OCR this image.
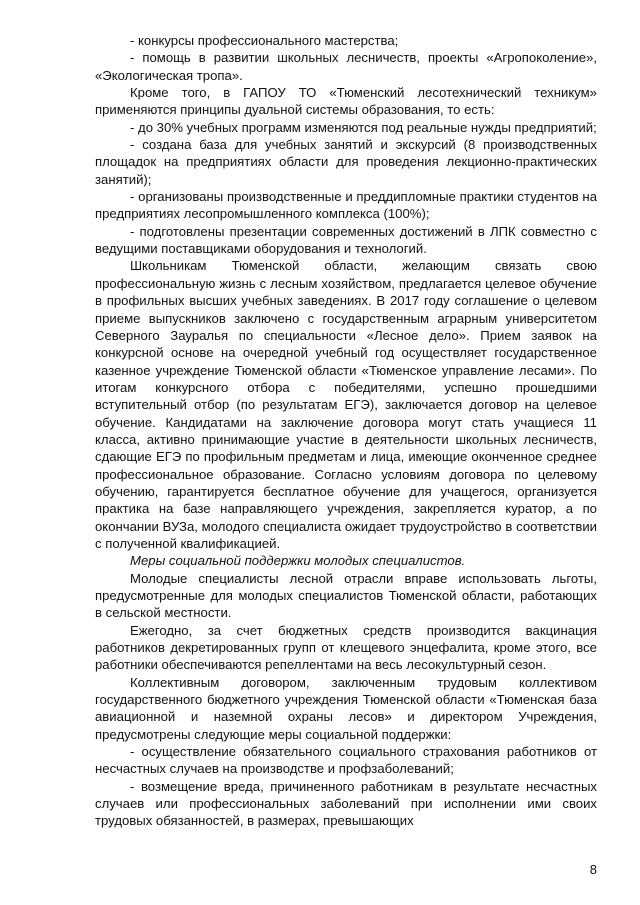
- конкурсы профессионального мастерства;

- помощь в развитии школьных лесничеств, проекты «Агропоколение», «Экологическая тропа».

Кроме того, в ГАПОУ ТО «Тюменский лесотехнический техникум» применяются принципы дуальной системы образования, то есть:

- до 30% учебных программ изменяются под реальные нужды предприятий;

- создана база для учебных занятий и экскурсий (8 производственных площадок на предприятиях области для проведения лекционно-практических занятий);

- организованы производственные и преддипломные практики студентов на предприятиях лесопромышленного комплекса (100%);

- подготовлены презентации современных достижений в ЛПК совместно с ведущими поставщиками оборудования и технологий.

Школьникам Тюменской области, желающим связать свою профессиональную жизнь с лесным хозяйством, предлагается целевое обучение в профильных высших учебных заведениях. В 2017 году соглашение о целевом приеме выпускников заключено с государственным аграрным университетом Северного Зауралья по специальности «Лесное дело». Прием заявок на конкурсной основе на очередной учебный год осуществляет государственное казенное учреждение Тюменской области «Тюменское управление лесами». По итогам конкурсного отбора с победителями, успешно прошедшими вступительный отбор (по результатам ЕГЭ), заключается договор на целевое обучение. Кандидатами на заключение договора могут стать учащиеся 11 класса, активно принимающие участие в деятельности школьных лесничеств, сдающие ЕГЭ по профильным предметам и лица, имеющие оконченное среднее профессиональное образование. Согласно условиям договора по целевому обучению, гарантируется бесплатное обучение для учащегося, организуется практика на базе направляющего учреждения, закрепляется куратор, а по окончании ВУЗа, молодого специалиста ожидает трудоустройство в соответствии с полученной квалификацией.

Меры социальной поддержки молодых специалистов.

Молодые специалисты лесной отрасли вправе использовать льготы, предусмотренные для молодых специалистов Тюменской области, работающих в сельской местности.

Ежегодно, за счет бюджетных средств производится вакцинация работников декретированных групп от клещевого энцефалита, кроме этого, все работники обеспечиваются репеллентами на весь лесокультурный сезон.

Коллективным договором, заключенным трудовым коллективом государственного бюджетного учреждения Тюменской области «Тюменская база авиационной и наземной охраны лесов» и директором Учреждения, предусмотрены следующие меры социальной поддержки:

- осуществление обязательного социального страхования работников от несчастных случаев на производстве и профзаболеваний;

- возмещение вреда, причиненного работникам в результате несчастных случаев или профессиональных заболеваний при исполнении ими своих трудовых обязанностей, в размерах, превышающих

8
